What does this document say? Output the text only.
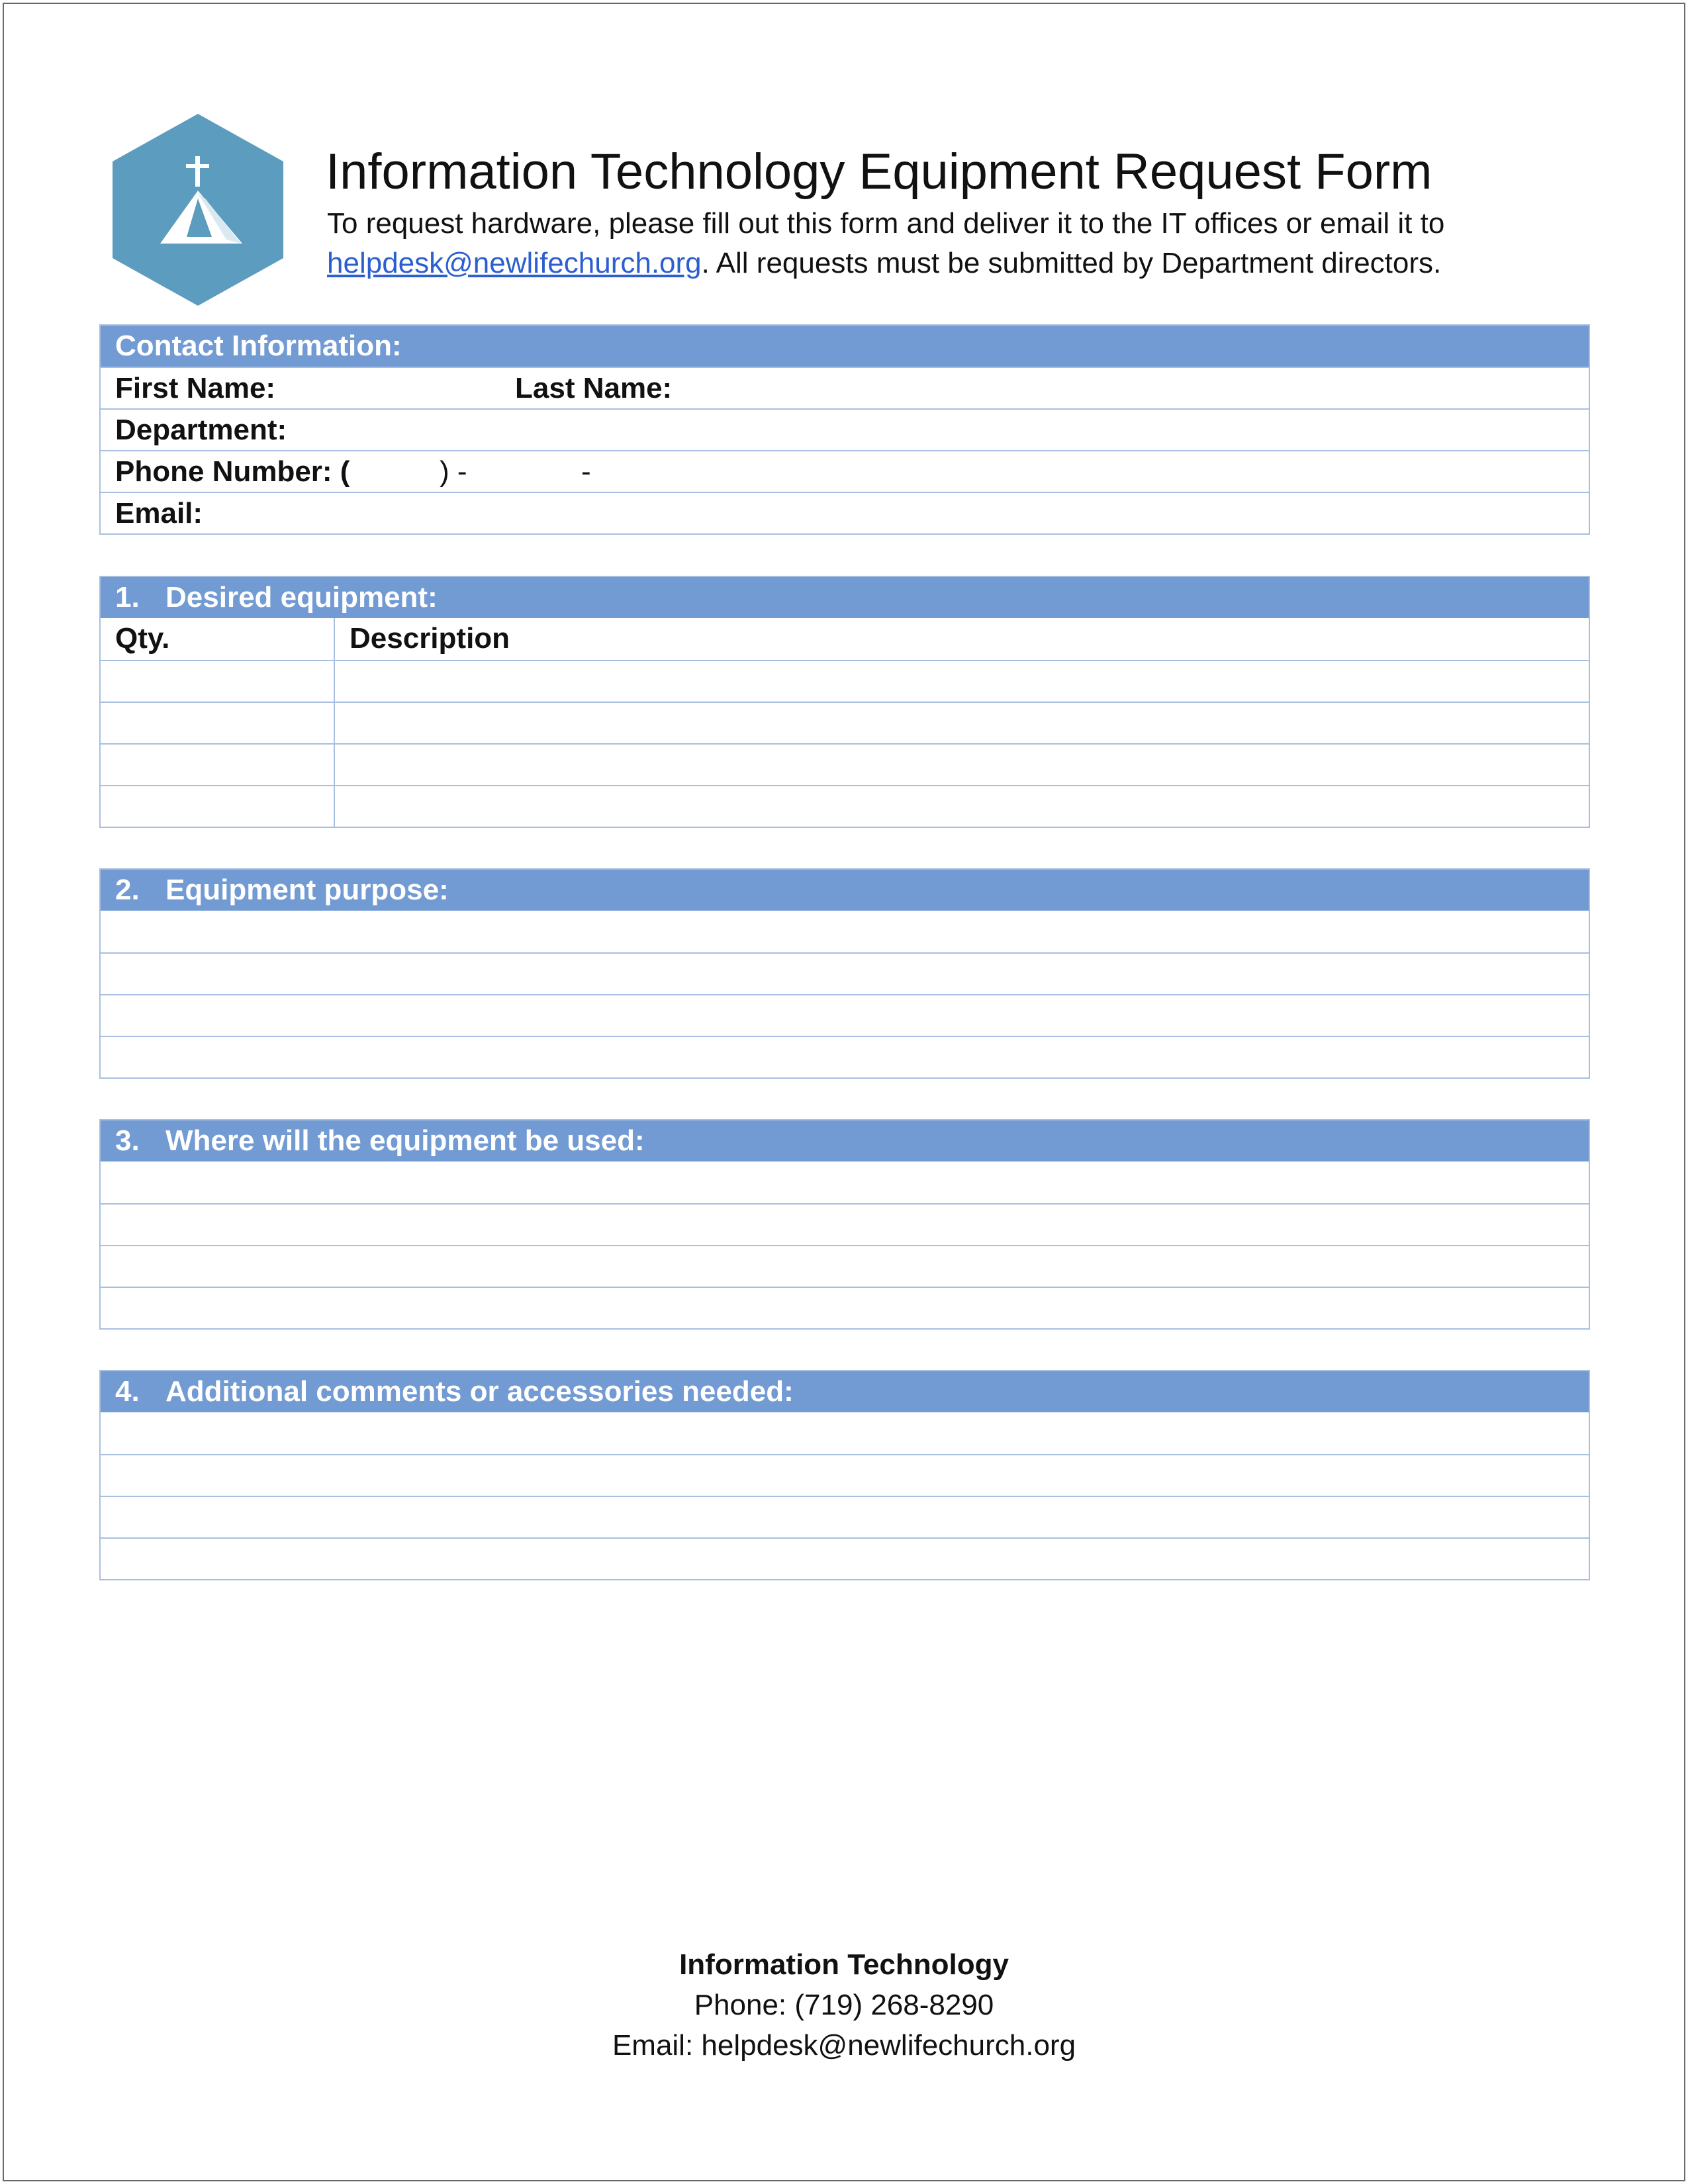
Information Technology Equipment Request Form
To request hardware, please fill out this form and deliver it to the IT offices or email it to helpdesk@newlifechurch.org. All requests must be submitted by Department directors.
Contact Information:
First Name:	Last Name:
Department:
Phone Number: (	) -	-
Email:
1. Desired equipment:
Qty.	Description
2. Equipment purpose:
3. Where will the equipment be used:
4. Additional comments or accessories needed:
Information Technology
Phone: (719) 268-8290
Email: helpdesk@newlifechurch.org
